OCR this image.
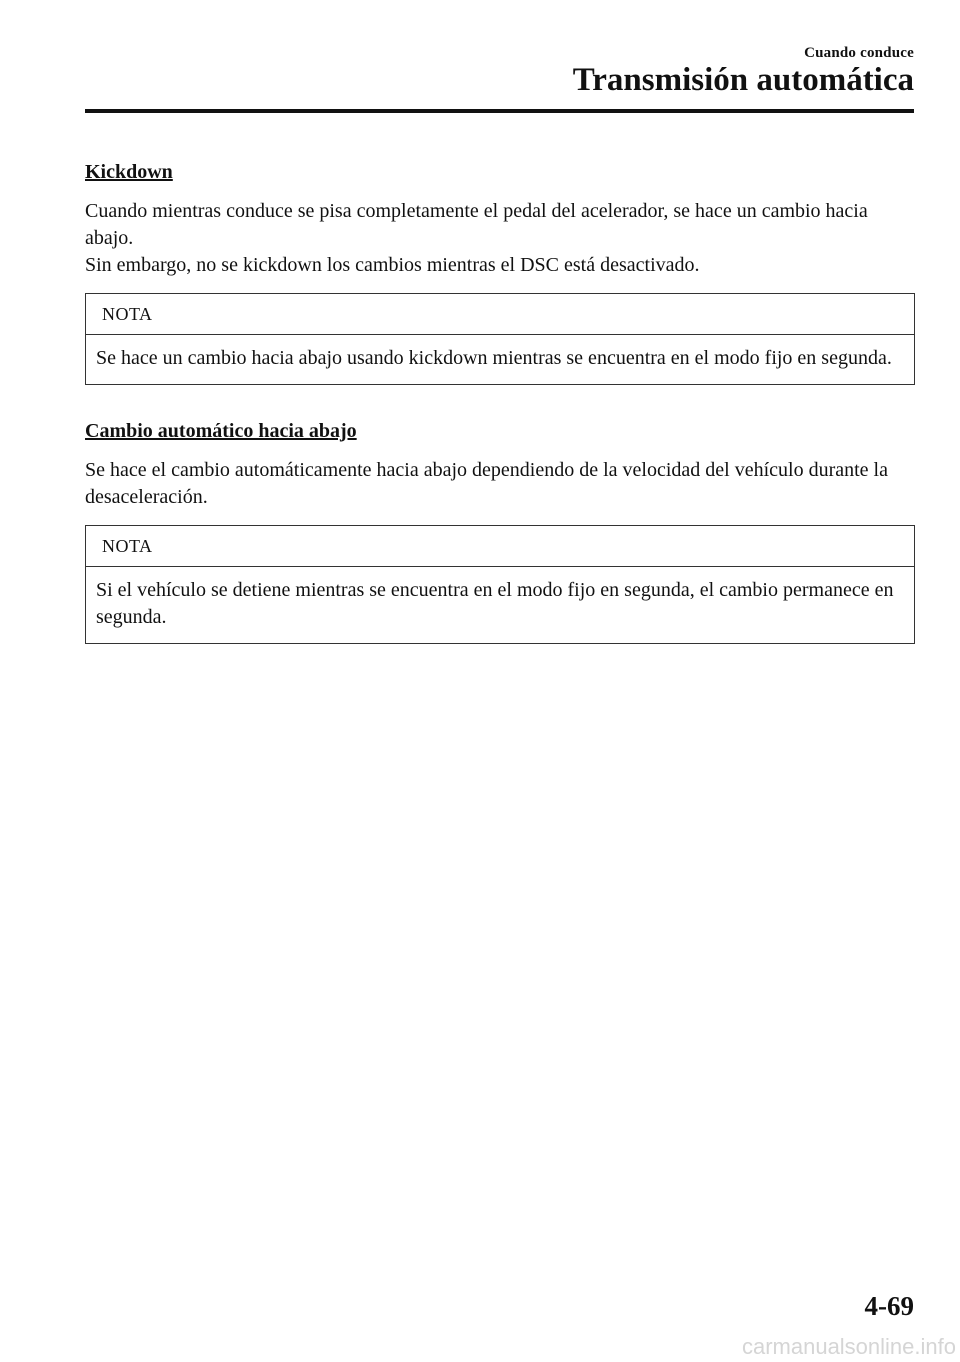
Cuando conduce
Transmisión automática
Kickdown

Cuando mientras conduce se pisa completamente el pedal del acelerador, se hace un cambio hacia abajo.

Sin embargo, no se kickdown los cambios mientras el DSC está desactivado.

NOTA
Se hace un cambio hacia abajo usando kickdown mientras se encuentra en el modo fijo en segunda.
Cambio automático hacia abajo

Se hace el cambio automáticamente hacia abajo dependiendo de la velocidad del vehículo durante la desaceleración.

NOTA
Si el vehículo se detiene mientras se encuentra en el modo fijo en segunda, el cambio permanece en segunda.
4-69
carmanualsonline.info
